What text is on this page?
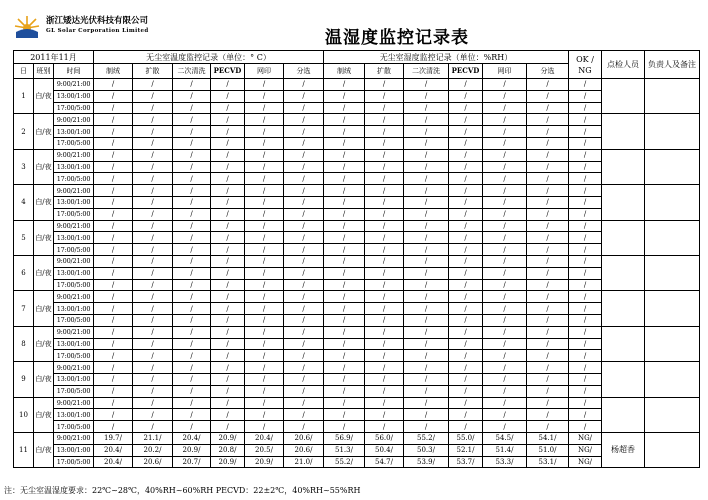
浙江矮达光伏科技有限公司
GL Solar Corporation Limited	温湿度监控记录表
2011年11月			无尘室温度监控记录（单位：° C）						无尘室湿度监控记录（单位：%RH）						OK / NG	点检人员	负责人及备注
日	班别	时间	制绒	扩散	二次清洗	PECVD	网印	分选	制绒	扩散	二次清洗	PECVD	网印	分选			
1	白/夜	9:00/21:00	/	/	/	/	/	/	/	/	/	/	/	/	/		
		13:00/1:00	/	/	/	/	/	/	/	/	/	/	/	/	/		
		17:00/5:00	/	/	/	/	/	/	/	/	/	/	/	/	/		
2	白/夜	9:00/21:00	/	/	/	/	/	/	/	/	/	/	/	/	/		
		13:00/1:00	/	/	/	/	/	/	/	/	/	/	/	/	/		
		17:00/5:00	/	/	/	/	/	/	/	/	/	/	/	/	/		
3	白/夜	9:00/21:00	/	/	/	/	/	/	/	/	/	/	/	/	/		
		13:00/1:00	/	/	/	/	/	/	/	/	/	/	/	/	/		
		17:00/5:00	/	/	/	/	/	/	/	/	/	/	/	/	/		
4	白/夜	9:00/21:00	/	/	/	/	/	/	/	/	/	/	/	/	/		
		13:00/1:00	/	/	/	/	/	/	/	/	/	/	/	/	/		
		17:00/5:00	/	/	/	/	/	/	/	/	/	/	/	/	/		
5	白/夜	9:00/21:00	/	/	/	/	/	/	/	/	/	/	/	/	/		
		13:00/1:00	/	/	/	/	/	/	/	/	/	/	/	/	/		
		17:00/5:00	/	/	/	/	/	/	/	/	/	/	/	/	/		
6	白/夜	9:00/21:00	/	/	/	/	/	/	/	/	/	/	/	/	/		
		13:00/1:00	/	/	/	/	/	/	/	/	/	/	/	/	/		
		17:00/5:00	/	/	/	/	/	/	/	/	/	/	/	/	/		
7	白/夜	9:00/21:00	/	/	/	/	/	/	/	/	/	/	/	/	/		
		13:00/1:00	/	/	/	/	/	/	/	/	/	/	/	/	/		
		17:00/5:00	/	/	/	/	/	/	/	/	/	/	/	/	/		
8	白/夜	9:00/21:00	/	/	/	/	/	/	/	/	/	/	/	/	/		
		13:00/1:00	/	/	/	/	/	/	/	/	/	/	/	/	/		
		17:00/5:00	/	/	/	/	/	/	/	/	/	/	/	/	/		
9	白/夜	9:00/21:00	/	/	/	/	/	/	/	/	/	/	/	/	/		
		13:00/1:00	/	/	/	/	/	/	/	/	/	/	/	/	/		
		17:00/5:00	/	/	/	/	/	/	/	/	/	/	/	/	/		
10	白/夜	9:00/21:00	/	/	/	/	/	/	/	/	/	/	/	/	/		
		13:00/1:00	/	/	/	/	/	/	/	/	/	/	/	/	/		
		17:00/5:00	/	/	/	/	/	/	/	/	/	/	/	/	/		
11	白/夜	9:00/21:00	19.7/	21.1/	20.4/	20.9/	20.4/	20.6/	56.9/	56.0/	55.2/	55.0/	54.5/	54.1/	NG/	杨超香	
		13:00/1:00	20.4/	20.2/	20.9/	20.8/	20.5/	20.6/	51.3/	50.4/	50.3/	52.1/	51.4/	51.0/	NG/		
		17:00/5:00	20.4/	20.6/	20.7/	20.9/	20.9/	21.0/	55.2/	54.7/	53.9/	53.7/	53.3/	53.1/	NG/		
注：无尘室温湿度要求：22℃~28℃，40%RH~60%RH PECVD：22±2℃，40%RH~55%RH
